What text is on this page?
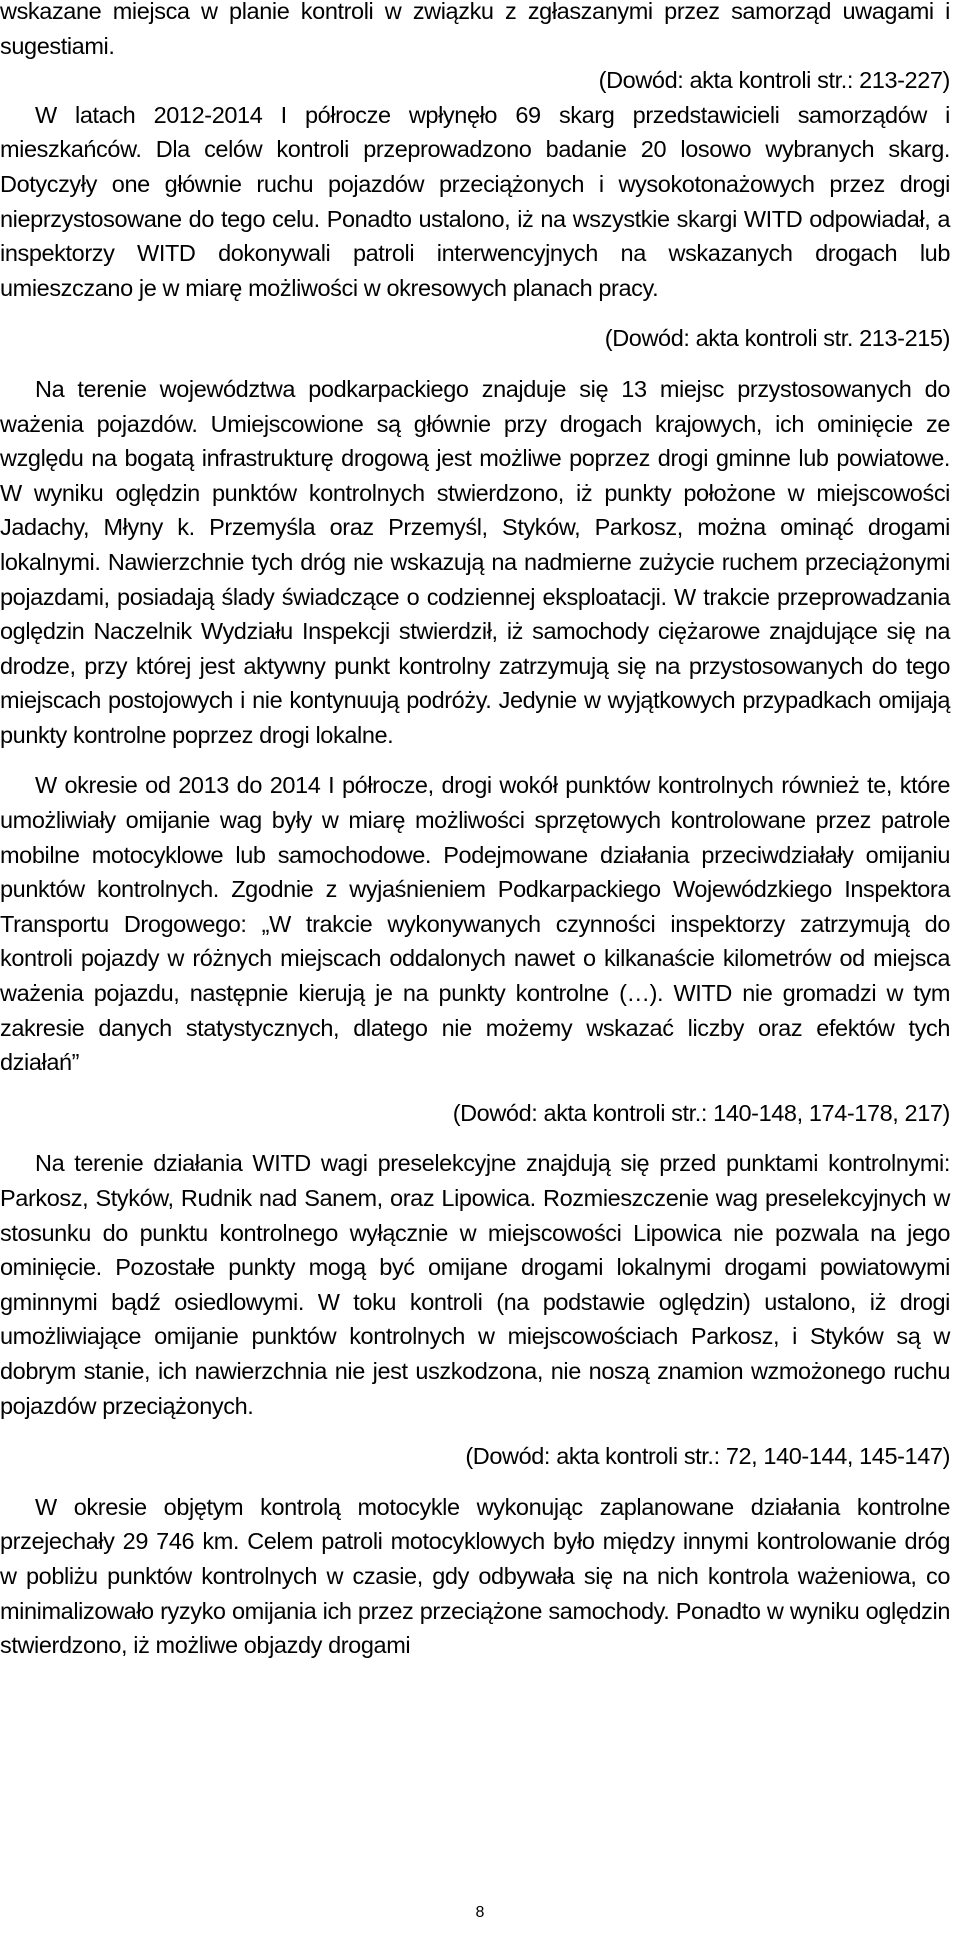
wskazane miejsca w planie kontroli w związku z zgłaszanymi przez samorząd uwagami i sugestiami.

(Dowód: akta kontroli str.: 213-227)

W latach 2012-2014 I półrocze wpłynęło 69 skarg przedstawicieli samorządów i mieszkańców. Dla celów kontroli przeprowadzono badanie 20 losowo wybranych skarg. Dotyczyły one głównie ruchu pojazdów przeciążonych i wysokotonażowych przez drogi nieprzystosowane do tego celu. Ponadto ustalono, iż na wszystkie skargi WITD odpowiadał, a inspektorzy WITD dokonywali patroli interwencyjnych na wskazanych drogach lub umieszczano je w miarę możliwości w okresowych planach pracy.

(Dowód: akta kontroli str. 213-215)

Na terenie województwa podkarpackiego znajduje się 13 miejsc przystosowanych do ważenia pojazdów. Umiejscowione są głównie przy drogach krajowych, ich ominięcie ze względu na bogatą infrastrukturę drogową jest możliwe poprzez drogi gminne lub powiatowe. W wyniku oględzin punktów kontrolnych stwierdzono, iż punkty położone w miejscowości Jadachy, Młyny k. Przemyśla oraz Przemyśl, Styków, Parkosz, można ominąć drogami lokalnymi. Nawierzchnie tych dróg nie wskazują na nadmierne zużycie ruchem przeciążonymi pojazdami, posiadają ślady świadczące o codziennej eksploatacji. W trakcie przeprowadzania oględzin Naczelnik Wydziału Inspekcji stwierdził, iż samochody ciężarowe znajdujące się na drodze, przy której jest aktywny punkt kontrolny zatrzymują się na przystosowanych do tego miejscach postojowych i nie kontynuują podróży. Jedynie w wyjątkowych przypadkach omijają punkty kontrolne poprzez drogi lokalne.

W okresie od 2013 do 2014 I półrocze, drogi wokół punktów kontrolnych również te, które umożliwiały omijanie wag były w miarę możliwości sprzętowych kontrolowane przez patrole mobilne motocyklowe lub samochodowe. Podejmowane działania przeciwdziałały omijaniu punktów kontrolnych. Zgodnie z wyjaśnieniem Podkarpackiego Wojewódzkiego Inspektora Transportu Drogowego: „W trakcie wykonywanych czynności inspektorzy zatrzymują do kontroli pojazdy w różnych miejscach oddalonych nawet o kilkanaście kilometrów od miejsca ważenia pojazdu, następnie kierują je na punkty kontrolne (…). WITD nie gromadzi w tym zakresie danych statystycznych, dlatego nie możemy wskazać liczby oraz efektów tych działań”

(Dowód: akta kontroli str.: 140-148, 174-178, 217)

Na terenie działania WITD wagi preselekcyjne znajdują się przed punktami kontrolnymi: Parkosz, Styków, Rudnik nad Sanem, oraz Lipowica. Rozmieszczenie wag preselekcyjnych w stosunku do punktu kontrolnego wyłącznie w miejscowości Lipowica nie pozwala na jego ominięcie. Pozostałe punkty mogą być omijane drogami lokalnymi drogami powiatowymi gminnymi bądź osiedlowymi. W toku kontroli (na podstawie oględzin) ustalono, iż drogi umożliwiające omijanie punktów kontrolnych w miejscowościach Parkosz, i Styków są w dobrym stanie, ich nawierzchnia nie jest uszkodzona, nie noszą znamion wzmożonego ruchu pojazdów przeciążonych.

(Dowód: akta kontroli str.: 72, 140-144, 145-147)

W okresie objętym kontrolą motocykle wykonując zaplanowane działania kontrolne przejechały 29 746 km. Celem patroli motocyklowych było między innymi kontrolowanie dróg w pobliżu punktów kontrolnych w czasie, gdy odbywała się na nich kontrola ważeniowa, co minimalizowało ryzyko omijania ich przez przeciążone samochody. Ponadto w wyniku oględzin stwierdzono, iż możliwe objazdy drogami

8
